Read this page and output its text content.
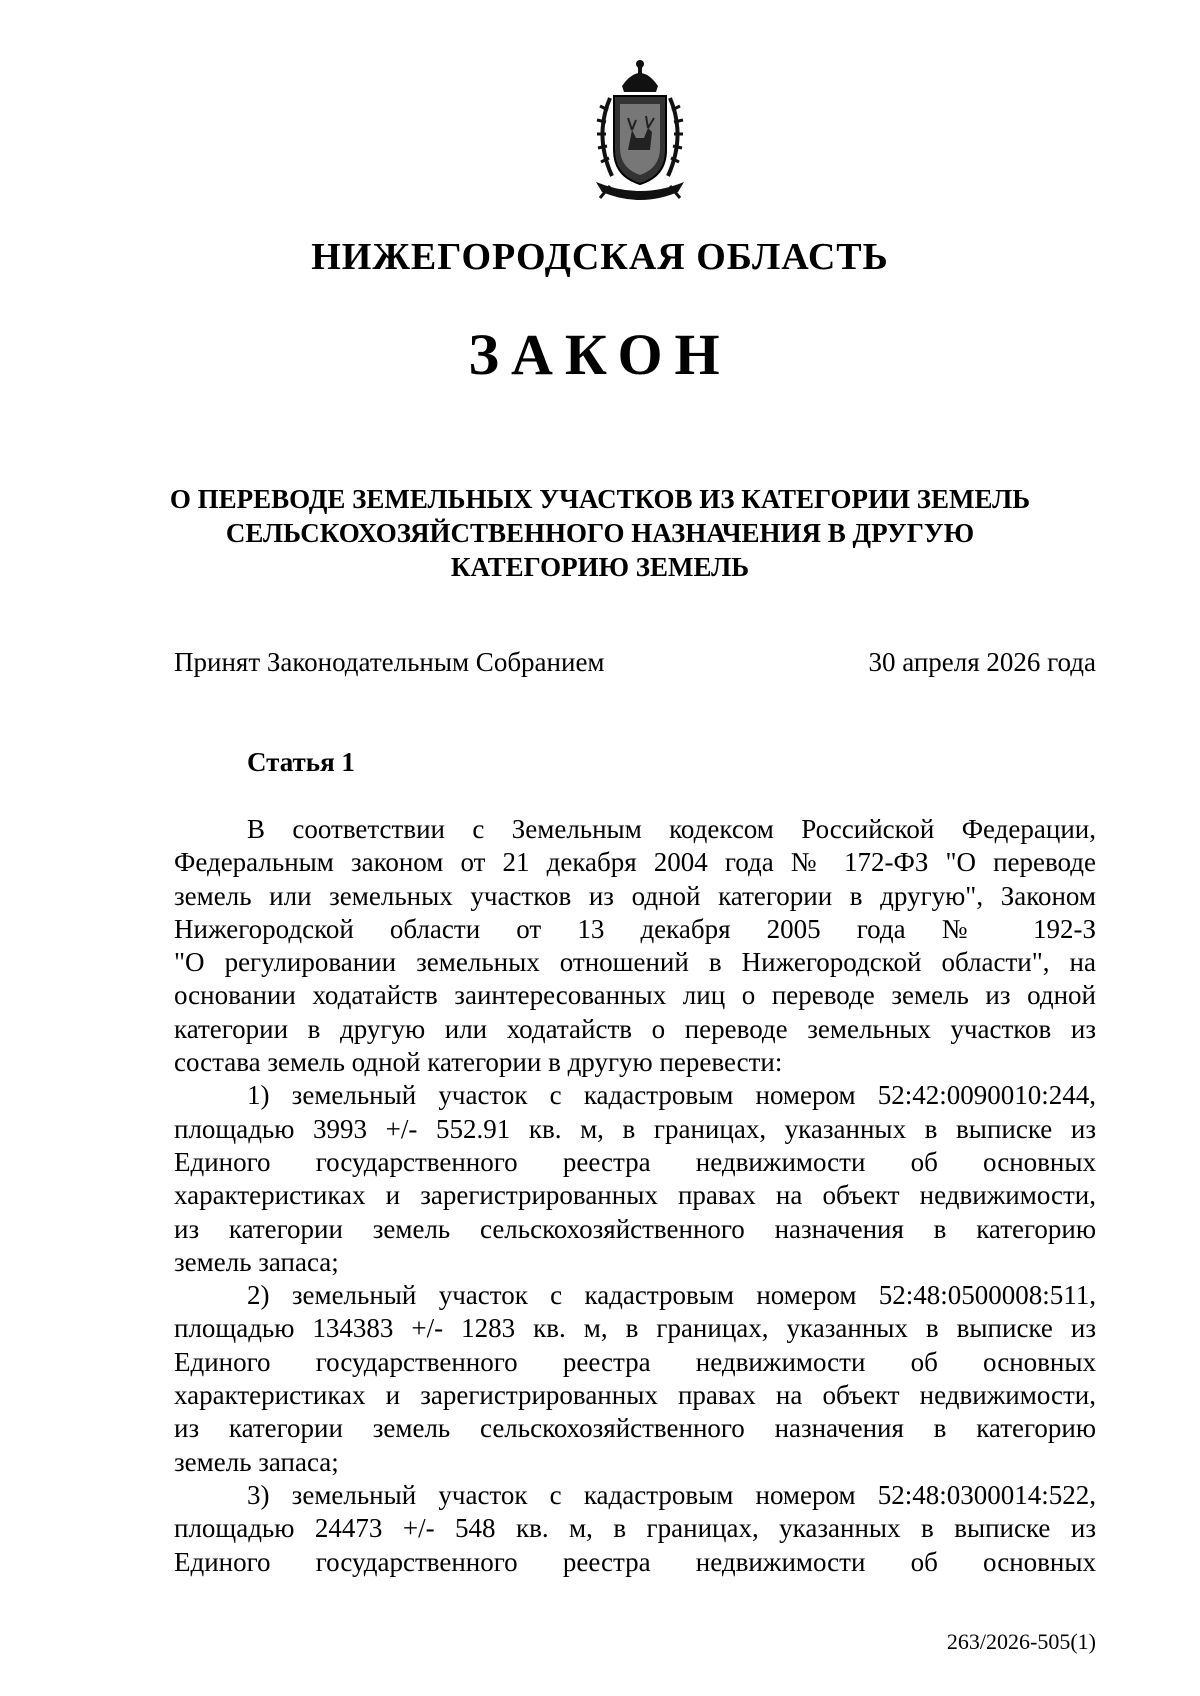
НИЖЕГОРОДСКАЯ ОБЛАСТЬ
ЗАКОН
О ПЕРЕВОДЕ ЗЕМЕЛЬНЫХ УЧАСТКОВ ИЗ КАТЕГОРИИ ЗЕМЕЛЬ
СЕЛЬСКОХОЗЯЙСТВЕННОГО НАЗНАЧЕНИЯ В ДРУГУЮ
КАТЕГОРИЮ ЗЕМЕЛЬ
Принят Законодательным Собранием	30 апреля 2026 года
Статья 1
В соответствии с Земельным кодексом Российской Федерации,
Федеральным законом от 21 декабря 2004 года № 172-ФЗ "О переводе
земель или земельных участков из одной категории в другую", Законом
Нижегородской области от 13 декабря 2005 года № 192-З
"О регулировании земельных отношений в Нижегородской области", на
основании ходатайств заинтересованных лиц о переводе земель из одной
категории в другую или ходатайств о переводе земельных участков из
состава земель одной категории в другую перевести:
1) земельный участок с кадастровым номером 52:42:0090010:244,
площадью 3993 +/- 552.91 кв. м, в границах, указанных в выписке из
Единого государственного реестра недвижимости об основных
характеристиках и зарегистрированных правах на объект недвижимости,
из категории земель сельскохозяйственного назначения в категорию
земель запаса;
2) земельный участок с кадастровым номером 52:48:0500008:511,
площадью 134383 +/- 1283 кв. м, в границах, указанных в выписке из
Единого государственного реестра недвижимости об основных
характеристиках и зарегистрированных правах на объект недвижимости,
из категории земель сельскохозяйственного назначения в категорию
земель запаса;
3) земельный участок с кадастровым номером 52:48:0300014:522,
площадью 24473 +/- 548 кв. м, в границах, указанных в выписке из
Единого государственного реестра недвижимости об основных
263/2026-505(1)
